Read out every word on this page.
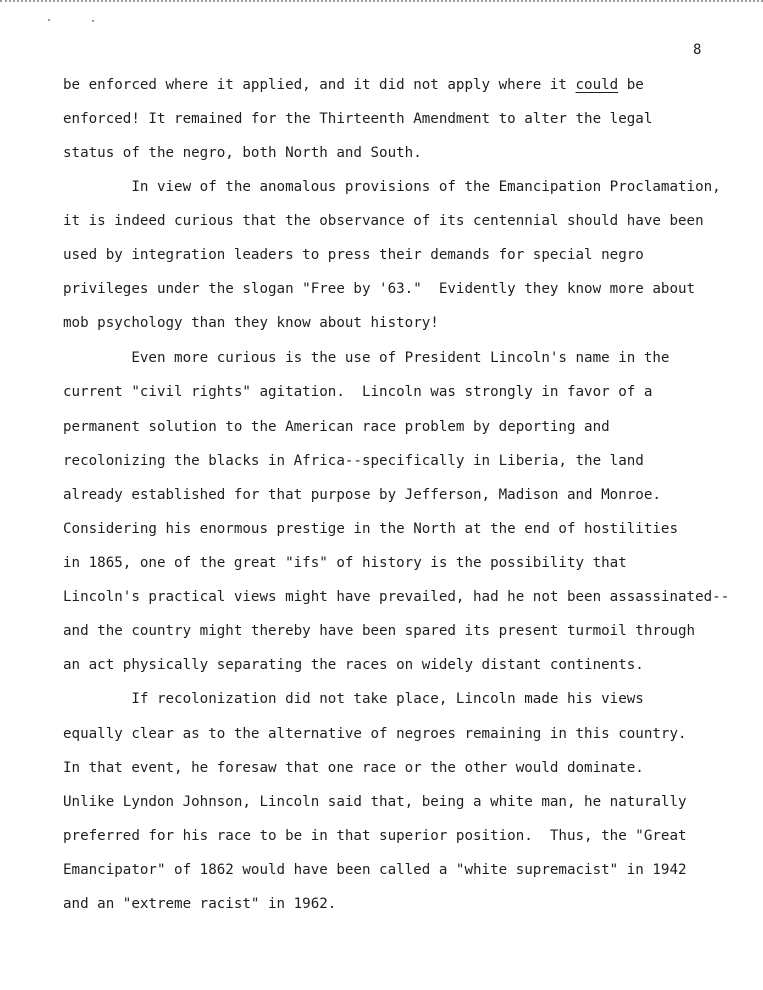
8
be enforced where it applied, and it did not apply where it could be
enforced! It remained for the Thirteenth Amendment to alter the legal
status of the negro, both North and South.
In view of the anomalous provisions of the Emancipation Proclamation,
it is indeed curious that the observance of its centennial should have been
used by integration leaders to press their demands for special negro
privileges under the slogan "Free by '63."  Evidently they know more about
mob psychology than they know about history!
Even more curious is the use of President Lincoln's name in the
current "civil rights" agitation.  Lincoln was strongly in favor of a
permanent solution to the American race problem by deporting and
recolonizing the blacks in Africa--specifically in Liberia, the land
already established for that purpose by Jefferson, Madison and Monroe.
Considering his enormous prestige in the North at the end of hostilities
in 1865, one of the great "ifs" of history is the possibility that
Lincoln's practical views might have prevailed, had he not been assassinated--
and the country might thereby have been spared its present turmoil through
an act physically separating the races on widely distant continents.
If recolonization did not take place, Lincoln made his views
equally clear as to the alternative of negroes remaining in this country.
In that event, he foresaw that one race or the other would dominate.
Unlike Lyndon Johnson, Lincoln said that, being a white man, he naturally
preferred for his race to be in that superior position.  Thus, the "Great
Emancipator" of 1862 would have been called a "white supremacist" in 1942
and an "extreme racist" in 1962.
